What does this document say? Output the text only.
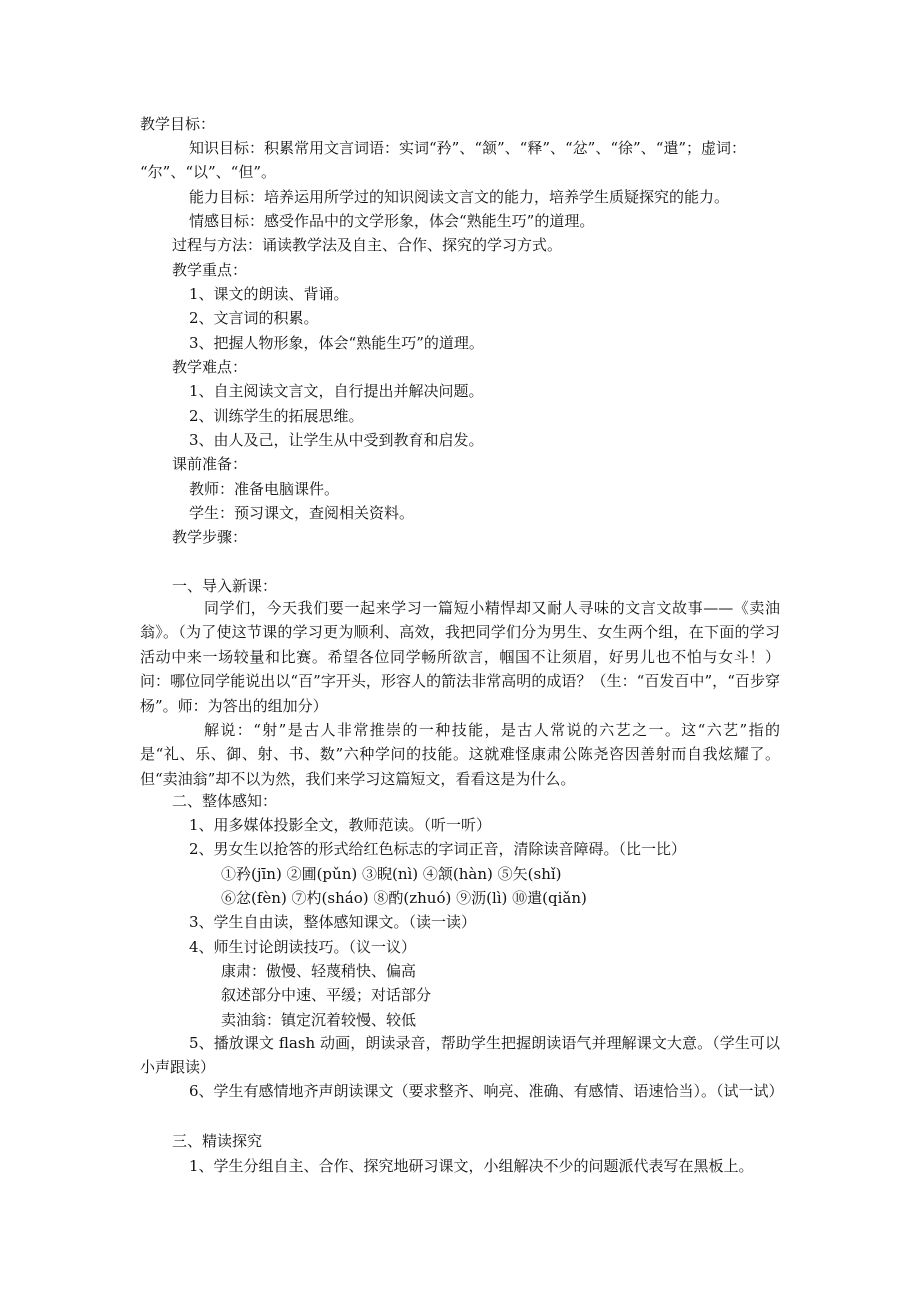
教学目标：
知识目标：积累常用文言词语：实词“矜”、“颔”、“释”、“忿”、“徐”、“遣”；虚词：
“尔”、“以”、“但”。
能力目标：培养运用所学过的知识阅读文言文的能力，培养学生质疑探究的能力。
情感目标：感受作品中的文学形象，体会“熟能生巧”的道理。
过程与方法：诵读教学法及自主、合作、探究的学习方式。
教学重点：
1、课文的朗读、背诵。
2、文言词的积累。
3、把握人物形象，体会“熟能生巧”的道理。
教学难点：
1、自主阅读文言文，自行提出并解决问题。
2、训练学生的拓展思维。
3、由人及己，让学生从中受到教育和启发。
课前准备：
教师：准备电脑课件。
学生：预习课文，查阅相关资料。
教学步骤：
一、导入新课：
同学们，今天我们要一起来学习一篇短小精悍却又耐人寻味的文言文故事——《卖油翁》。（为了使这节课的学习更为顺利、高效，我把同学们分为男生、女生两个组，在下面的学习活动中来一场较量和比赛。希望各位同学畅所欲言，帼国不让须眉，好男儿也不怕与女斗！）问：哪位同学能说出以“百”字开头，形容人的箭法非常高明的成语？（生：“百发百中”，“百步穿杨”。师：为答出的组加分）
解说：“射”是古人非常推崇的一种技能，是古人常说的六艺之一。这“六艺”指的是“礼、乐、御、射、书、数”六种学问的技能。这就难怪康肃公陈尧咨因善射而自我炫耀了。但“卖油翁”却不以为然，我们来学习这篇短文，看看这是为什么。
二、整体感知：
1、用多媒体投影全文，教师范读。（听一听）
2、男女生以抢答的形式给红色标志的字词正音，清除读音障碍。（比一比）
①矜(jīn) ②圃(pǔn) ③睨(nì) ④颔(hàn) ⑤矢(shǐ)
⑥忿(fèn) ⑦杓(sháo) ⑧酌(zhuó) ⑨沥(lì) ⑩遣(qiǎn)
3、学生自由读，整体感知课文。（读一读）
4、师生讨论朗读技巧。（议一议）
康肃：傲慢、轻蔑稍快、偏高
叙述部分中速、平缓；对话部分
卖油翁：镇定沉着较慢、较低
5、播放课文 flash 动画，朗读录音，帮助学生把握朗读语气并理解课文大意。（学生可以小声跟读）
6、学生有感情地齐声朗读课文（要求整齐、响亮、准确、有感情、语速恰当）。（试一试）
三、精读探究
1、学生分组自主、合作、探究地研习课文，小组解决不少的问题派代表写在黑板上。
